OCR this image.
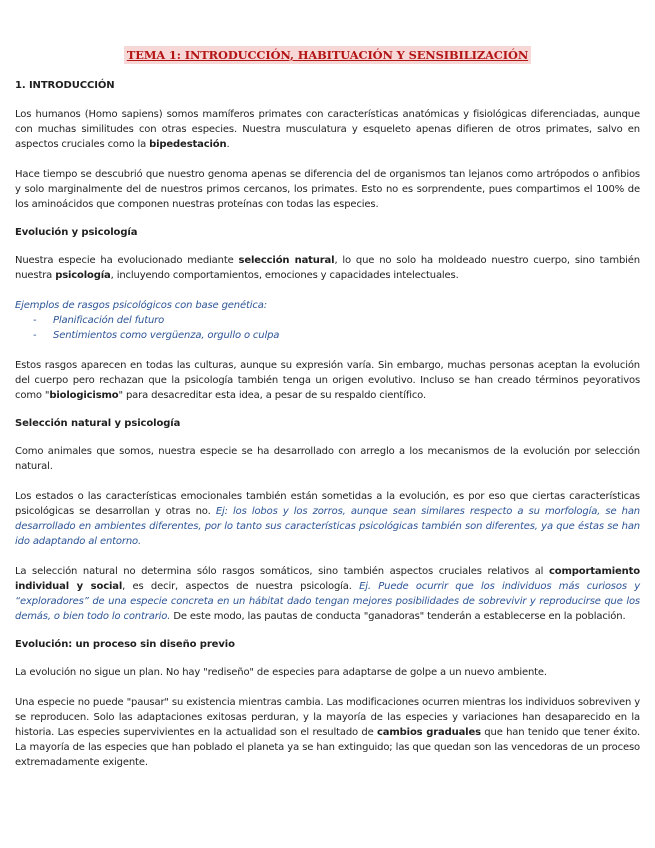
TEMA 1: INTRODUCCIÓN, HABITUACIÓN Y SENSIBILIZACIÓN
1. INTRODUCCIÓN

Los humanos (Homo sapiens) somos mamíferos primates con características anatómicas y fisiológicas diferenciadas, aunque con muchas similitudes con otras especies. Nuestra musculatura y esqueleto apenas difieren de otros primates, salvo en aspectos cruciales como la bipedestación.

Hace tiempo se descubrió que nuestro genoma apenas se diferencia del de organismos tan lejanos como artrópodos o anfibios y solo marginalmente del de nuestros primos cercanos, los primates. Esto no es sorprendente, pues compartimos el 100% de los aminoácidos que componen nuestras proteínas con todas las especies.

Evolución y psicología

Nuestra especie ha evolucionado mediante selección natural, lo que no solo ha moldeado nuestro cuerpo, sino también nuestra psicología, incluyendo comportamientos, emociones y capacidades intelectuales.

Ejemplos de rasgos psicológicos con base genética:

- Planificación del futuro
- Sentimientos como vergüenza, orgullo o culpa

Estos rasgos aparecen en todas las culturas, aunque su expresión varía. Sin embargo, muchas personas aceptan la evolución del cuerpo pero rechazan que la psicología también tenga un origen evolutivo. Incluso se han creado términos peyorativos como "biologicismo" para desacreditar esta idea, a pesar de su respaldo científico.

Selección natural y psicología

Como animales que somos, nuestra especie se ha desarrollado con arreglo a los mecanismos de la evolución por selección natural.

Los estados o las características emocionales también están sometidas a la evolución, es por eso que ciertas características psicológicas se desarrollan y otras no. Ej: los lobos y los zorros, aunque sean similares respecto a su morfología, se han desarrollado en ambientes diferentes, por lo tanto sus características psicológicas también son diferentes, ya que éstas se han ido adaptando al entorno.

La selección natural no determina sólo rasgos somáticos, sino también aspectos cruciales relativos al comportamiento individual y social, es decir, aspectos de nuestra psicología. Ej. Puede ocurrir que los individuos más curiosos y “exploradores” de una especie concreta en un hábitat dado tengan mejores posibilidades de sobrevivir y reproducirse que los demás, o bien todo lo contrario. De este modo, las pautas de conducta "ganadoras" tenderán a establecerse en la población.

Evolución: un proceso sin diseño previo

La evolución no sigue un plan. No hay "rediseño" de especies para adaptarse de golpe a un nuevo ambiente.

Una especie no puede "pausar" su existencia mientras cambia. Las modificaciones ocurren mientras los individuos sobreviven y se reproducen. Solo las adaptaciones exitosas perduran, y la mayoría de las especies y variaciones han desaparecido en la historia. Las especies supervivientes en la actualidad son el resultado de cambios graduales que han tenido que tener éxito. La mayoría de las especies que han poblado el planeta ya se han extinguido; las que quedan son las vencedoras de un proceso extremadamente exigente.
